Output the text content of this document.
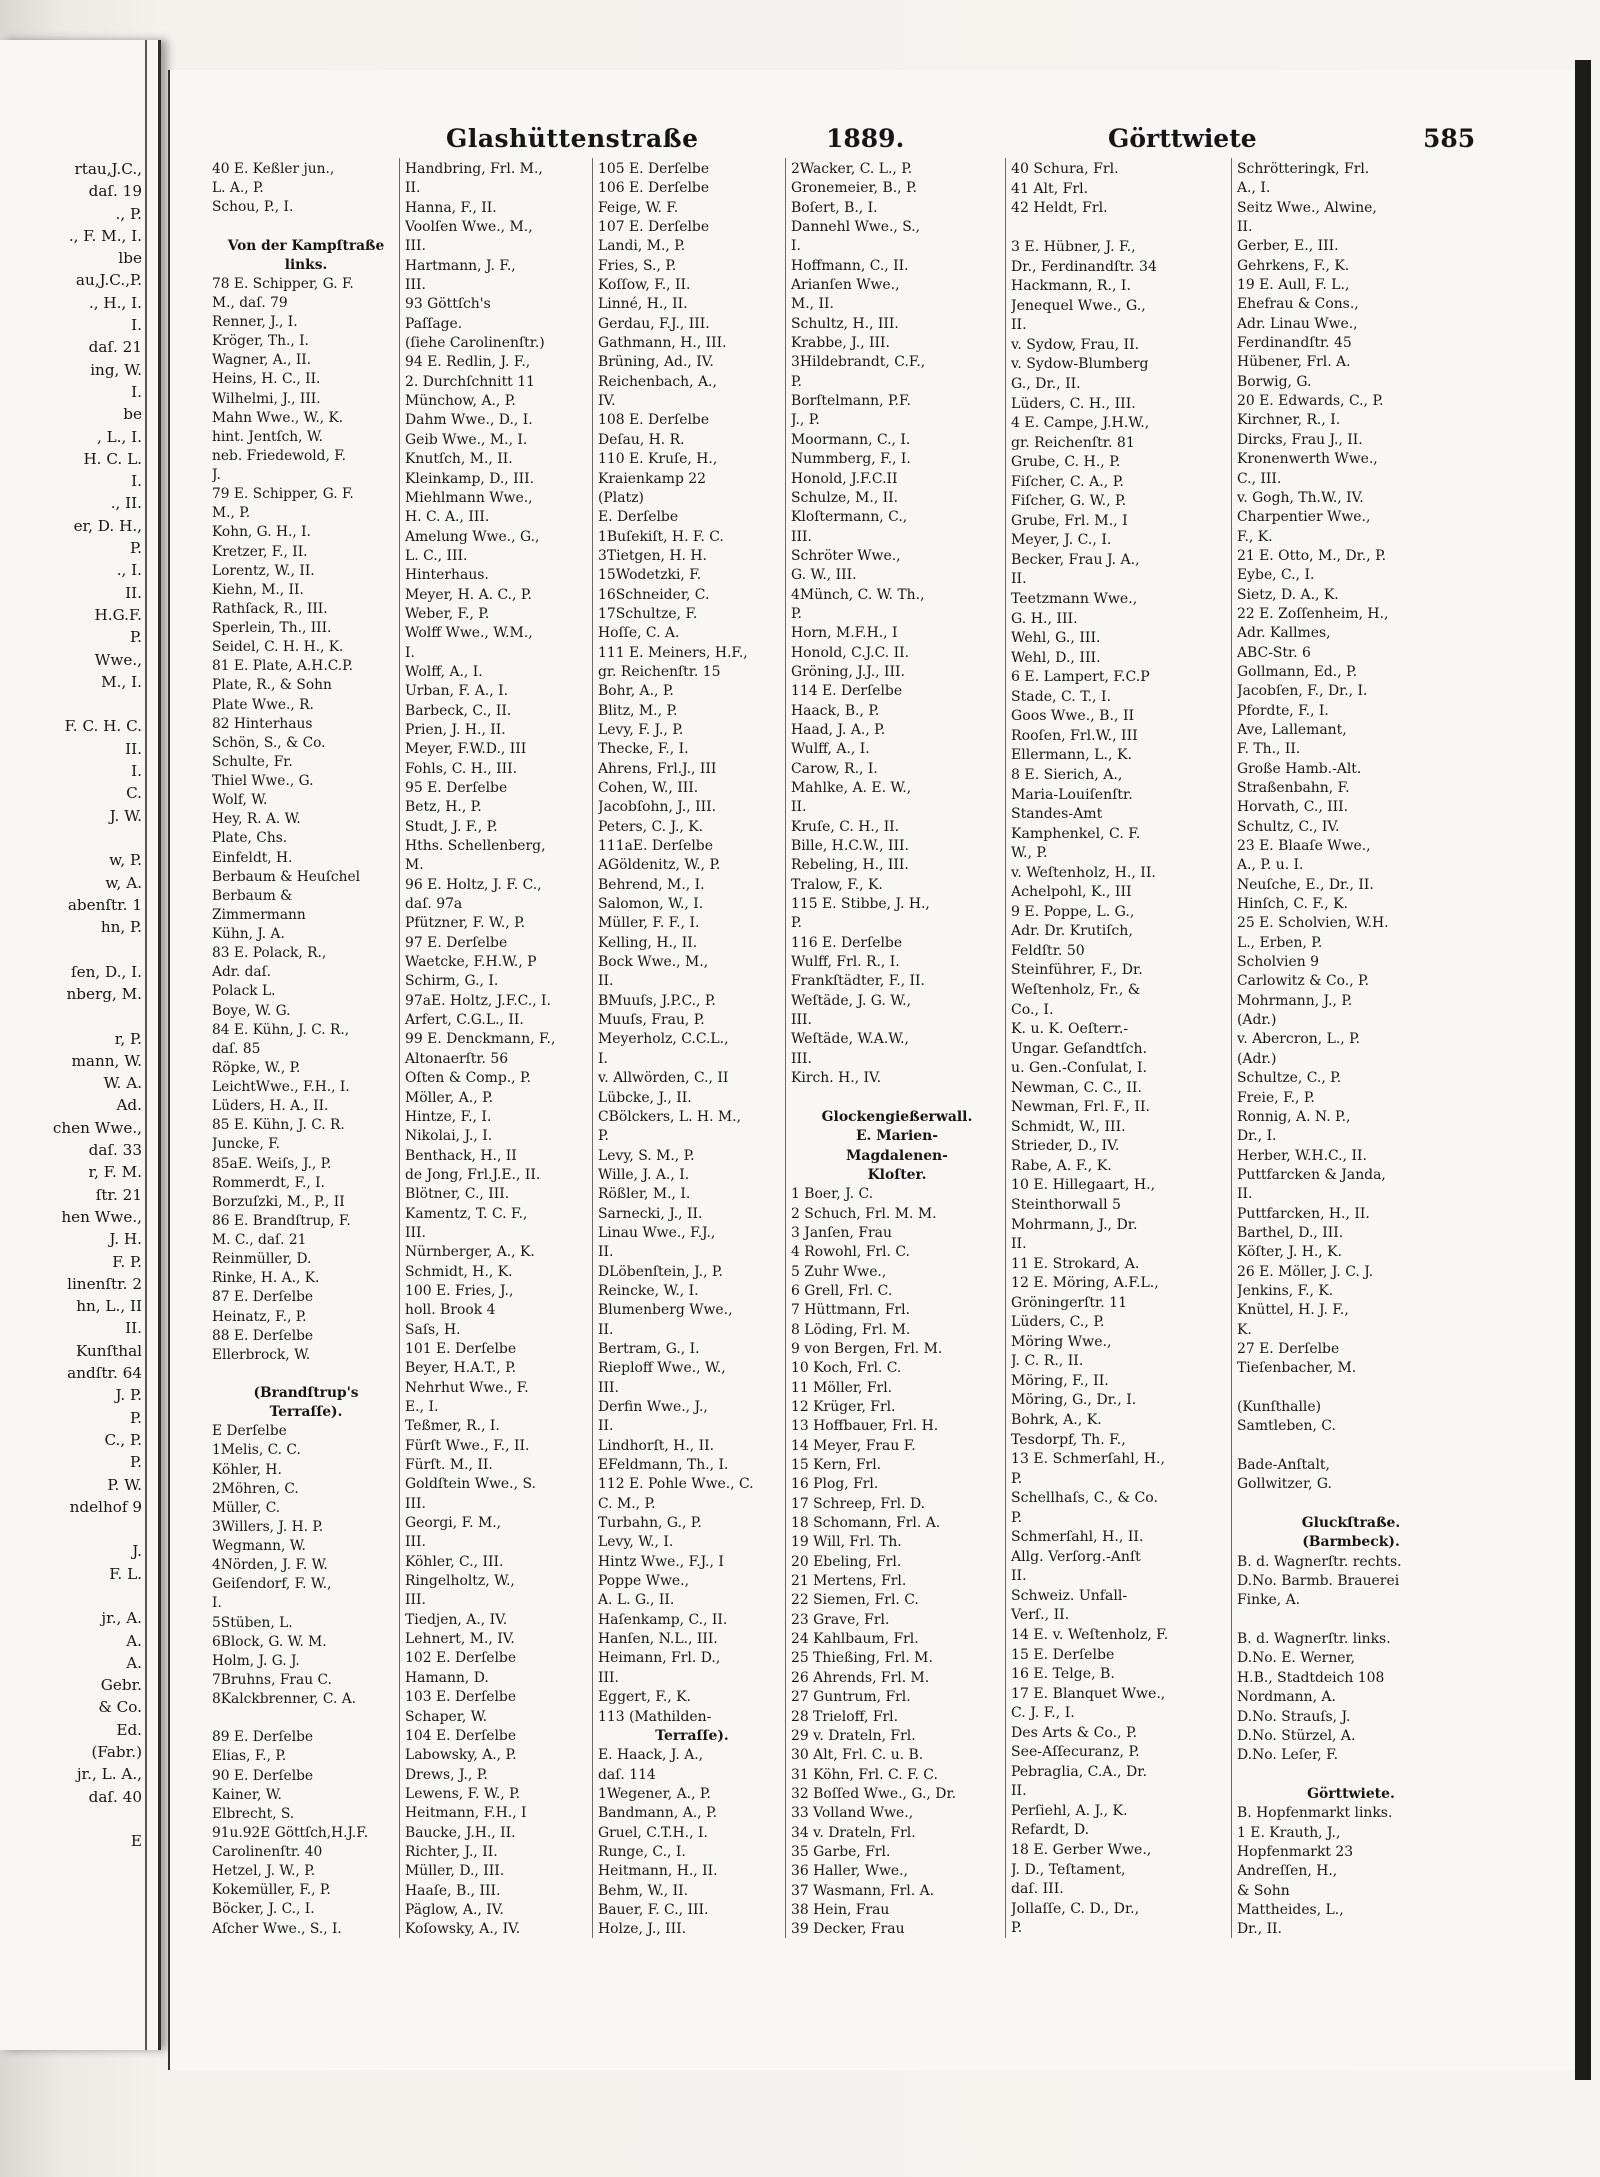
rtau,J.C.,
daſ. 19
., P.
., F. M., I.
lbe
au,J.C.,P.
., H., I.
I.
daſ. 21
ing, W.
I.
be
, L., I.
H. C. L.
I.
., II.
er, D. H.,
P.
., I.
II.
H.G.F.
P.
Wwe.,
M., I.
F. C. H. C.
II.
I.
C.
J. W.
w, P.
w, A.
abenſtr. 1
hn, P.
ſen, D., I.
nberg, M.
r, P.
mann, W.
W. A.
Ad.
chen Wwe.,
daſ. 33
r, F. M.
ſtr. 21
hen Wwe.,
J. H.
F. P.
linenſtr. 2
hn, L., II
II.
Kunſthal
andſtr. 64
J. P.
P.
C., P.
P.
P. W.
ndelhof 9
J.
F. L.
jr., A.
A.
A.
Gebr.
& Co.
Ed.
(Fabr.)
jr., L. A.,
daſ. 40
E
Glashüttenstraße	1889.	Görttwiete	585
40 E. Keßler jun.,
L. A., P.
Schou, P., I.
Von der Kampſtraße
links.
78 E. Schipper, G. F.
M., daſ. 79
Renner, J., I.
Kröger, Th., I.
Wagner, A., II.
Heins, H. C., II.
Wilhelmi, J., III.
Mahn Wwe., W., K.
hint. Jentſch, W.
neb. Friedewold, F.
J.
79 E. Schipper, G. F.
M., P.
Kohn, G. H., I.
Kretzer, F., II.
Lorentz, W., II.
Kiehn, M., II.
Rathſack, R., III.
Sperlein, Th., III.
Seidel, C. H. H., K.
81 E. Plate, A.H.C.P.
Plate, R., & Sohn
Plate Wwe., R.
82 Hinterhaus
Schön, S., & Co.
Schulte, Fr.
Thiel Wwe., G.
Wolf, W.
Hey, R. A. W.
Plate, Chs.
Einfeldt, H.
Berbaum & Heuſchel
Berbaum &
Zimmermann
Kühn, J. A.
83 E. Polack, R.,
Adr. daſ.
Polack L.
Boye, W. G.
84 E. Kühn, J. C. R.,
daſ. 85
Röpke, W., P.
LeichtWwe., F.H., I.
Lüders, H. A., II.
85 E. Kühn, J. C. R.
Juncke, F.
85aE. Weiſs, J., P.
Rommerdt, F., I.
Borzuſzki, M., P., II
86 E. Brandſtrup, F.
M. C., daſ. 21
Reinmüller, D.
Rinke, H. A., K.
87 E. Derſelbe
Heinatz, F., P.
88 E. Derſelbe
Ellerbrock, W.
(Brandſtrup's
Terraſſe).
E Derſelbe
1Melis, C. C.
Köhler, H.
2Möhren, C.
Müller, C.
3Willers, J. H. P.
Wegmann, W.
4Nörden, J. F. W.
Geiſendorf, F. W.,
I.
5Stüben, L.
6Block, G. W. M.
Holm, J. G. J.
7Bruhns, Frau C.
8Kalckbrenner, C. A.
89 E. Derſelbe
Elias, F., P.
90 E. Derſelbe
Kainer, W.
Elbrecht, S.
91u.92E Göttſch,H.J.F.
Carolinenſtr. 40
Hetzel, J. W., P.
Kokemüller, F., P.
Böcker, J. C., I.
Aſcher Wwe., S., I.
Handbring, Frl. M.,
II.
Hanna, F., II.
Voolſen Wwe., M.,
III.
Hartmann, J. F.,
III.
93 Göttſch's
Paſſage.
(ſiehe Carolinenſtr.)
94 E. Redlin, J. F.,
2. Durchſchnitt 11
Münchow, A., P.
Dahm Wwe., D., I.
Geib Wwe., M., I.
Knutſch, M., II.
Kleinkamp, D., III.
Miehlmann Wwe.,
H. C. A., III.
Amelung Wwe., G.,
L. C., III.
Hinterhaus.
Meyer, H. A. C., P.
Weber, F., P.
Wolff Wwe., W.M.,
I.
Wolff, A., I.
Urban, F. A., I.
Barbeck, C., II.
Prien, J. H., II.
Meyer, F.W.D., III
Fohls, C. H., III.
95 E. Derſelbe
Betz, H., P.
Studt, J. F., P.
Hths. Schellenberg,
M.
96 E. Holtz, J. F. C.,
daſ. 97a
Pfützner, F. W., P.
97 E. Derſelbe
Waetcke, F.H.W., P
Schirm, G., I.
97aE. Holtz, J.F.C., I.
Arfert, C.G.L., II.
99 E. Denckmann, F.,
Altonaerſtr. 56
Oſten & Comp., P.
Möller, A., P.
Hintze, F., I.
Nikolai, J., I.
Benthack, H., II
de Jong, Frl.J.E., II.
Blötner, C., III.
Kamentz, T. C. F.,
III.
Nürnberger, A., K.
Schmidt, H., K.
100 E. Fries, J.,
holl. Brook 4
Saſs, H.
101 E. Derſelbe
Beyer, H.A.T., P.
Nehrhut Wwe., F.
E., I.
Teßmer, R., I.
Fürſt Wwe., F., II.
Fürſt. M., II.
Goldſtein Wwe., S.
III.
Georgi, F. M.,
III.
Köhler, C., III.
Ringelholtz, W.,
III.
Tiedjen, A., IV.
Lehnert, M., IV.
102 E. Derſelbe
Hamann, D.
103 E. Derſelbe
Schaper, W.
104 E. Derſelbe
Labowsky, A., P.
Drews, J., P.
Lewens, F. W., P.
Heitmann, F.H., I
Baucke, J.H., II.
Richter, J., II.
Müller, D., III.
Haaſe, B., III.
Päglow, A., IV.
Koſowsky, A., IV.
105 E. Derſelbe
106 E. Derſelbe
Feige, W. F.
107 E. Derſelbe
Landi, M., P.
Fries, S., P.
Koſſow, F., II.
Linné, H., II.
Gerdau, F.J., III.
Gathmann, H., III.
Brüning, Ad., IV.
Reichenbach, A.,
IV.
108 E. Derſelbe
Deſau, H. R.
110 E. Kruſe, H.,
Kraienkamp 22
(Platz)
E. Derſelbe
1Buſekiſt, H. F. C.
3Tietgen, H. H.
15Wodetzki, F.
16Schneider, C.
17Schultze, F.
Hoſſe, C. A.
111 E. Meiners, H.F.,
gr. Reichenſtr. 15
Bohr, A., P.
Blitz, M., P.
Levy, F. J., P.
Thecke, F., I.
Ahrens, Frl.J., III
Cohen, W., III.
Jacobſohn, J., III.
Peters, C. J., K.
111aE. Derſelbe
AGöldenitz, W., P.
Behrend, M., I.
Salomon, W., I.
Müller, F. F., I.
Kelling, H., II.
Bock Wwe., M.,
II.
BMuuſs, J.P.C., P.
Muuſs, Frau, P.
Meyerholz, C.C.L.,
I.
v. Allwörden, C., II
Lübcke, J., II.
CBölckers, L. H. M.,
P.
Levy, S. M., P.
Wille, J. A., I.
Rößler, M., I.
Sarnecki, J., II.
Linau Wwe., F.J.,
II.
DLöbenſtein, J., P.
Reincke, W., I.
Blumenberg Wwe.,
II.
Bertram, G., I.
Rieploff Wwe., W.,
III.
Derfin Wwe., J.,
II.
Lindhorſt, H., II.
EFeldmann, Th., I.
112 E. Pohle Wwe., C.
C. M., P.
Turbahn, G., P.
Levy, W., I.
Hintz Wwe., F.J., I
Poppe Wwe.,
A. L. G., II.
Haſenkamp, C., II.
Hanſen, N.L., III.
Heimann, Frl. D.,
III.
Eggert, F., K.
113 (Mathilden-
Terraſſe).
E. Haack, J. A.,
daſ. 114
1Wegener, A., P.
Bandmann, A., P.
Gruel, C.T.H., I.
Runge, C., I.
Heitmann, H., II.
Behm, W., II.
Bauer, F. C., III.
Holze, J., III.
2Wacker, C. L., P.
Gronemeier, B., P.
Boſert, B., I.
Dannehl Wwe., S.,
I.
Hoffmann, C., II.
Arianſen Wwe.,
M., II.
Schultz, H., III.
Krabbe, J., III.
3Hildebrandt, C.F.,
P.
Borſtelmann, P.F.
J., P.
Moormann, C., I.
Nummberg, F., I.
Honold, J.F.C.II
Schulze, M., II.
Kloſtermann, C.,
III.
Schröter Wwe.,
G. W., III.
4Münch, C. W. Th.,
P.
Horn, M.F.H., I
Honold, C.J.C. II.
Gröning, J.J., III.
114 E. Derſelbe
Haack, B., P.
Haad, J. A., P.
Wulff, A., I.
Carow, R., I.
Mahlke, A. E. W.,
II.
Kruſe, C. H., II.
Bille, H.C.W., III.
Rebeling, H., III.
Tralow, F., K.
115 E. Stibbe, J. H.,
P.
116 E. Derſelbe
Wulff, Frl. R., I.
Frankſtädter, F., II.
Weſtäde, J. G. W.,
III.
Weſtäde, W.A.W.,
III.
Kirch. H., IV.
Glockengießerwall.
E. Marien-
Magdalenen-
Kloſter.
1 Boer, J. C.
2 Schuch, Frl. M. M.
3 Janſen, Frau
4 Rowohl, Frl. C.
5 Zuhr Wwe.,
6 Grell, Frl. C.
7 Hüttmann, Frl.
8 Löding, Frl. M.
9 von Bergen, Frl. M.
10 Koch, Frl. C.
11 Möller, Frl.
12 Krüger, Frl.
13 Hoffbauer, Frl. H.
14 Meyer, Frau F.
15 Kern, Frl.
16 Plog, Frl.
17 Schreep, Frl. D.
18 Schomann, Frl. A.
19 Will, Frl. Th.
20 Ebeling, Frl.
21 Mertens, Frl.
22 Siemen, Frl. C.
23 Grave, Frl.
24 Kahlbaum, Frl.
25 Thießing, Frl. M.
26 Ahrends, Frl. M.
27 Guntrum, Frl.
28 Trieloff, Frl.
29 v. Drateln, Frl.
30 Alt, Frl. C. u. B.
31 Köhn, Frl. C. F. C.
32 Boſſed Wwe., G., Dr.
33 Volland Wwe.,
34 v. Drateln, Frl.
35 Garbe, Frl.
36 Haller, Wwe.,
37 Wasmann, Frl. A.
38 Hein, Frau
39 Decker, Frau
40 Schura, Frl.
41 Alt, Frl.
42 Heldt, Frl.
3 E. Hübner, J. F.,
Dr., Ferdinandſtr. 34
Hackmann, R., I.
Jenequel Wwe., G.,
II.
v. Sydow, Frau, II.
v. Sydow-Blumberg
G., Dr., II.
Lüders, C. H., III.
4 E. Campe, J.H.W.,
gr. Reichenſtr. 81
Grube, C. H., P.
Fiſcher, C. A., P.
Fiſcher, G. W., P.
Grube, Frl. M., I
Meyer, J. C., I.
Becker, Frau J. A.,
II.
Teetzmann Wwe.,
G. H., III.
Wehl, G., III.
Wehl, D., III.
6 E. Lampert, F.C.P
Stade, C. T., I.
Goos Wwe., B., II
Rooſen, Frl.W., III
Ellermann, L., K.
8 E. Sierich, A.,
Maria-Louiſenſtr.
Standes-Amt
Kamphenkel, C. F.
W., P.
v. Weſtenholz, H., II.
Achelpohl, K., III
9 E. Poppe, L. G.,
Adr. Dr. Krutiſch,
Feldſtr. 50
Steinführer, F., Dr.
Weſtenholz, Fr., &
Co., I.
K. u. K. Oeſterr.-
Ungar. Geſandtſch.
u. Gen.-Conſulat, I.
Newman, C. C., II.
Newman, Frl. F., II.
Schmidt, W., III.
Strieder, D., IV.
Rabe, A. F., K.
10 E. Hillegaart, H.,
Steinthorwall 5
Mohrmann, J., Dr.
II.
11 E. Strokard, A.
12 E. Möring, A.F.L.,
Gröningerſtr. 11
Lüders, C., P.
Möring Wwe.,
J. C. R., II.
Möring, F., II.
Möring, G., Dr., I.
Bohrk, A., K.
Tesdorpf, Th. F.,
13 E. Schmerſahl, H.,
P.
Schellhaſs, C., & Co.
P.
Schmerſahl, H., II.
Allg. Verſorg.-Anſt
II.
Schweiz. Unfall-
Verſ., II.
14 E. v. Weſtenholz, F.
15 E. Derſelbe
16 E. Telge, B.
17 E. Blanquet Wwe.,
C. J. F., I.
Des Arts & Co., P.
See-Aſſecuranz, P.
Pebraglia, C.A., Dr.
II.
Perſiehl, A. J., K.
Refardt, D.
18 E. Gerber Wwe.,
J. D., Teſtament,
daſ. III.
Jollaſſe, C. D., Dr.,
P.
Schrötteringk, Frl.
A., I.
Seitz Wwe., Alwine,
II.
Gerber, E., III.
Gehrkens, F., K.
19 E. Aull, F. L.,
Ehefrau & Cons.,
Adr. Linau Wwe.,
Ferdinandſtr. 45
Hübener, Frl. A.
Borwig, G.
20 E. Edwards, C., P.
Kirchner, R., I.
Dircks, Frau J., II.
Kronenwerth Wwe.,
C., III.
v. Gogh, Th.W., IV.
Charpentier Wwe.,
F., K.
21 E. Otto, M., Dr., P.
Eybe, C., I.
Sietz, D. A., K.
22 E. Zoſſenheim, H.,
Adr. Kallmes,
ABC-Str. 6
Gollmann, Ed., P.
Jacobſen, F., Dr., I.
Pfordte, F., I.
Ave, Lallemant,
F. Th., II.
Große Hamb.-Alt.
Straßenbahn, F.
Horvath, C., III.
Schultz, C., IV.
23 E. Blaaſe Wwe.,
A., P. u. I.
Neuſche, E., Dr., II.
Hinſch, C. F., K.
25 E. Scholvien, W.H.
L., Erben, P.
Scholvien 9
Carlowitz & Co., P.
Mohrmann, J., P.
(Adr.)
v. Abercron, L., P.
(Adr.)
Schultze, C., P.
Freie, F., P.
Ronnig, A. N. P.,
Dr., I.
Herber, W.H.C., II.
Puttfarcken & Janda,
II.
Puttfarcken, H., II.
Barthel, D., III.
Köſter, J. H., K.
26 E. Möller, J. C. J.
Jenkins, F., K.
Knüttel, H. J. F.,
K.
27 E. Derſelbe
Tieſenbacher, M.
(Kunſthalle)
Samtleben, C.
Bade-Anſtalt,
Gollwitzer, G.
Gluckſtraße.
(Barmbeck).
B. d. Wagnerſtr. rechts.
D.No. Barmb. Brauerei
Finke, A.
B. d. Wagnerſtr. links.
D.No. E. Werner,
H.B., Stadtdeich 108
Nordmann, A.
D.No. Strauſs, J.
D.No. Stürzel, A.
D.No. Leſer, F.
Görttwiete.
B. Hopfenmarkt links.
1 E. Krauth, J.,
Hopfenmarkt 23
Andreſſen, H.,
& Sohn
Mattheides, L.,
Dr., II.
